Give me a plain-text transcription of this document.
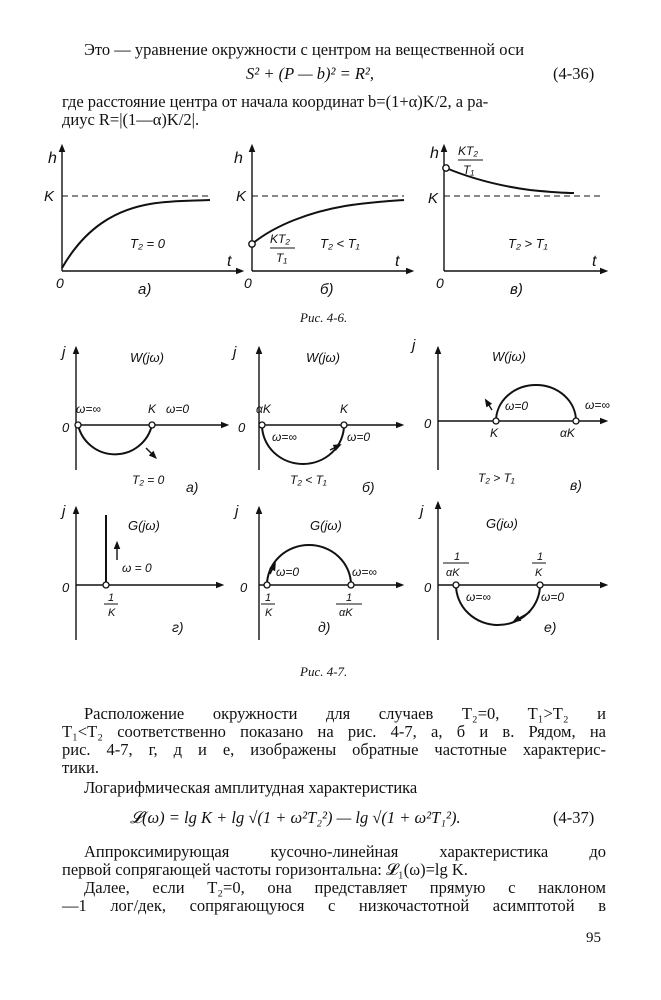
Это — уравнение окружности с центром на вещественной оси
S² + (P — b)² = R²,	(4-36)
где расстояние центра от начала координат b=(1+α)K/2, а ра-
диус R=|(1—α)K/2|.
h
K
t
0
T₂ = 0
а)
h
K
t
0
KT₂
T₁
T₂ < T₁
б)
h
K
t
0
KT₂
T₁
T₂ > T₁
в)
Рис. 4-6.
j
0
W(jω)
ω=∞	K ω=0
T₂ = 0 а)
j
0
W(jω)
αK	K
ω=∞	ω=0
T₂ < T₁	б)
j
0
W(jω)
K	αK
ω=0	ω=∞
T₂ > T₁	в)
j
0
G(jω)
ω = 0
1
K
г)
j
0
G(jω)
ω=0	ω=∞
1
K
1
αK
д)
j
0
G(jω)
1
αK
1
K
ω=∞	ω=0
е)
Рис. 4-7.
Расположение окружности для случаев T₂=0, T₁>T₂ и
T₁<T₂ соответственно показано на рис. 4-7, а, б и в. Рядом, на
рис. 4-7, г, д и е, изображены обратные частотные характерис-
тики.
Логарифмическая амплитудная характеристика
𝓛(ω) = lg K + lg √(1 + ω²T₂²) — lg √(1 + ω²T₁²).	(4-37)
Аппроксимирующая кусочно-линейная характеристика до
первой сопрягающей частоты горизонтальна: 𝓛₁(ω)=lg K.
Далее, если T₂=0, она представляет прямую с наклоном
—1 лог/дек, сопрягающуюся с низкочастотной асимптотой в
95
